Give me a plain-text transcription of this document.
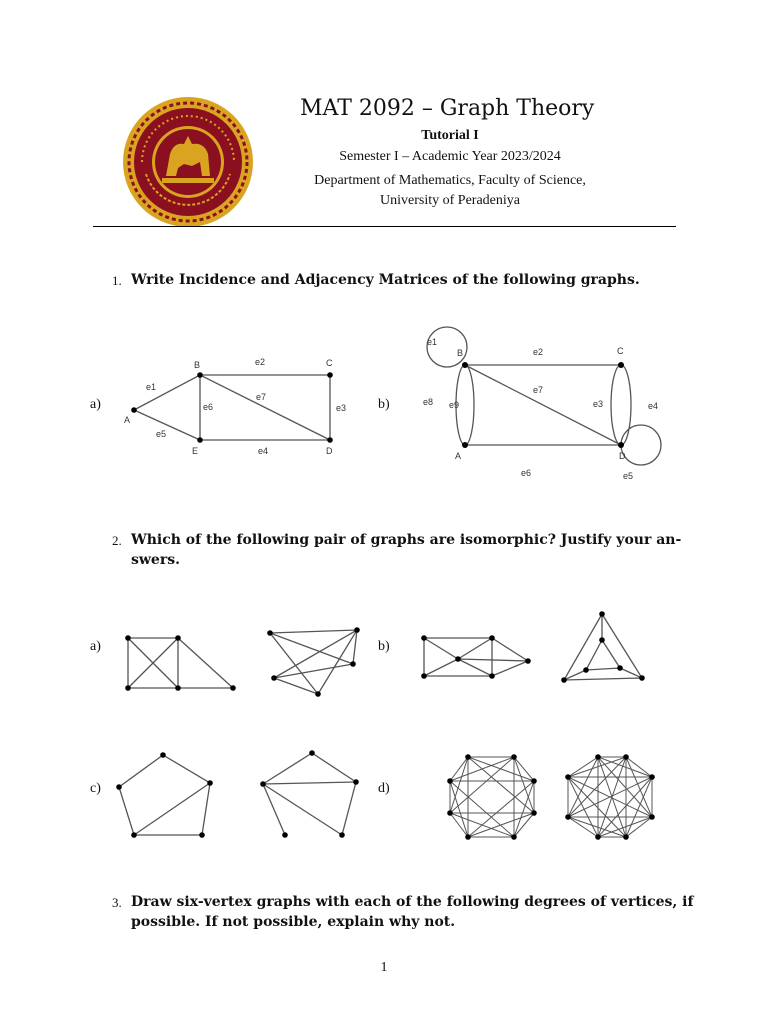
MAT 2092 – Graph Theory
Tutorial I
Semester I – Academic Year 2023/2024
Department of Mathematics, Faculty of Science,
University of Peradeniya
1. Write Incidence and Adjacency Matrices of the following graphs.
a)
A
B	C
D
E
e1
e2
e3
e4
e5
e6
e7	b)
A
B	C
D
e1
e2
e3	e4
e5
e6
e7
e8 e9
2. Which of the following pair of graphs are isomorphic? Justify your an-
swers.
a)	b)
c)	d)
3. Draw six-vertex graphs with each of the following degrees of vertices, if
possible. If not possible, explain why not.
1
